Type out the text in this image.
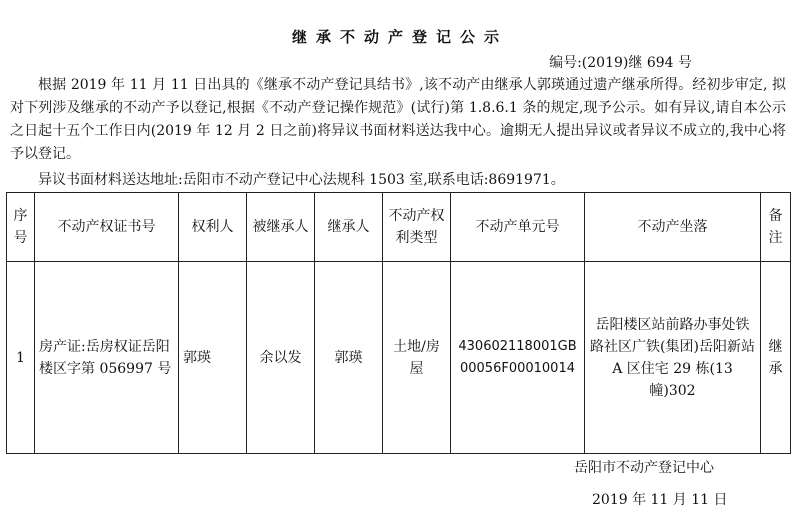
继承不动产登记公示
编号:(2019)继 694 号
根据 2019 年 11 月 11 日出具的《继承不动产登记具结书》,该不动产由继承人郭瑛通过遗产继承所得。经初步审定, 拟对下列涉及继承的不动产予以登记,根据《不动产登记操作规范》(试行)第 1.8.6.1 条的规定,现予公示。如有异议,请自本公示之日起十五个工作日内(2019 年 12 月 2 日之前)将异议书面材料送达我中心。逾期无人提出异议或者异议不成立的,我中心将予以登记。
异议书面材料送达地址:岳阳市不动产登记中心法规科 1503 室,联系电话:8691971。
序号	不动产权证书号	权利人	被继承人	继承人	不动产权利类型	不动产单元号	不动产坐落	备注
1	房产证:岳房权证岳阳楼区字第 056997 号	郭瑛	余以发	郭瑛	土地/房屋	430602118001GB00056F00010014	岳阳楼区站前路办事处铁路社区广铁(集团)岳阳新站 A 区住宅 29 栋(13 幢)302	继承
岳阳市不动产登记中心
2019 年 11 月 11 日
